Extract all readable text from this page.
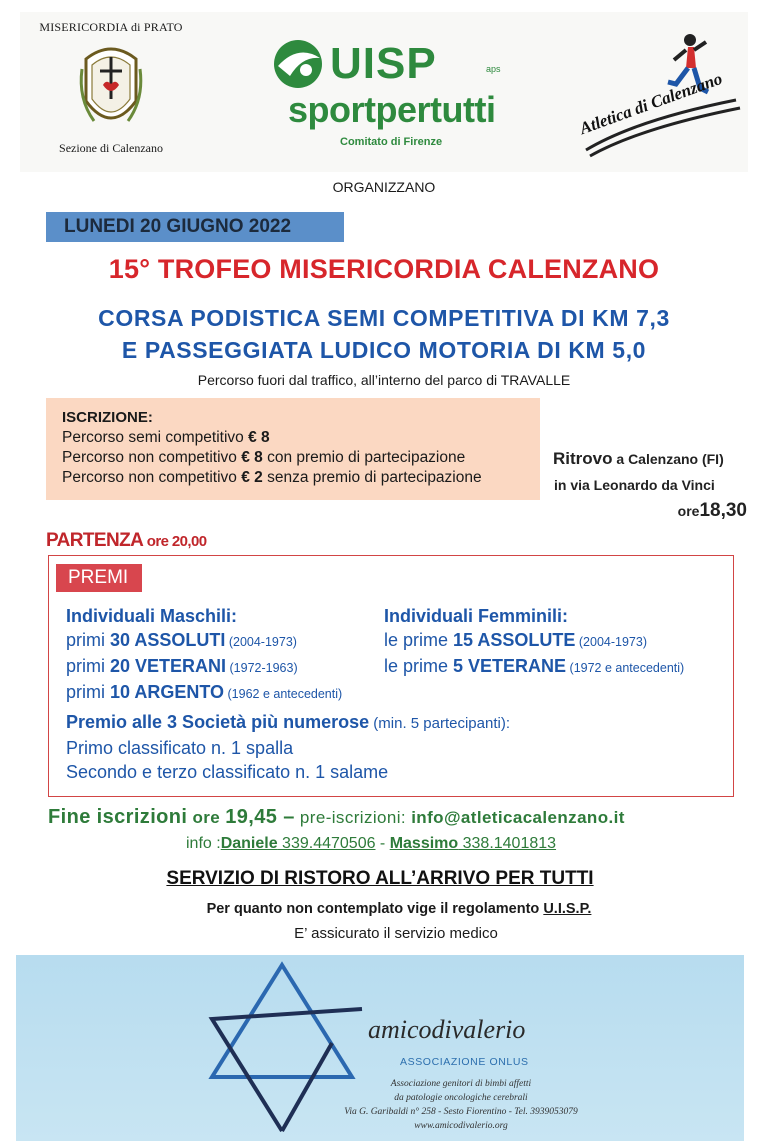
MISERICORDIA di PRATO
Sezione di Calenzano
UISP	aps
sportpertutti
Comitato di Firenze
Atletica di Calenzano
ORGANIZZANO
LUNEDI 20 GIUGNO 2022
15° TROFEO MISERICORDIA CALENZANO
CORSA PODISTICA SEMI COMPETITIVA DI KM 7,3
E PASSEGGIATA LUDICO MOTORIA DI KM 5,0
Percorso fuori dal traffico, all’interno del parco di TRAVALLE
ISCRIZIONE:
Percorso semi competitivo € 8
Percorso non competitivo € 8 con premio di partecipazione
Percorso non competitivo € 2 senza premio di partecipazione
Ritrovo a Calenzano (FI)
in via Leonardo da Vinci
ore18,30
PARTENZA ore 20,00
PREMI
Individuali Maschili:
primi 30 ASSOLUTI (2004-1973)
primi 20 VETERANI (1972-1963)
primi 10 ARGENTO (1962 e antecedenti)
Individuali Femminili:
le prime 15 ASSOLUTE (2004-1973)
le prime 5 VETERANE (1972 e antecedenti)
Premio alle 3 Società più numerose (min. 5 partecipanti):
Primo classificato n. 1 spalla
Secondo e terzo classificato n. 1 salame
Fine iscrizioni ore 19,45 – pre-iscrizioni: info@atleticacalenzano.it
info :Daniele 339.4470506 - Massimo 338.1401813
SERVIZIO DI RISTORO ALL’ARRIVO PER TUTTI
Per quanto non contemplato vige il regolamento U.I.S.P.
E’ assicurato il servizio medico
amicodivalerio
ASSOCIAZIONE ONLUS
Associazione genitori di bimbi affetti
da patologie oncologiche cerebrali
Via G. Garibaldi n° 258 - Sesto Fiorentino - Tel. 3939053079
www.amicodivalerio.org
